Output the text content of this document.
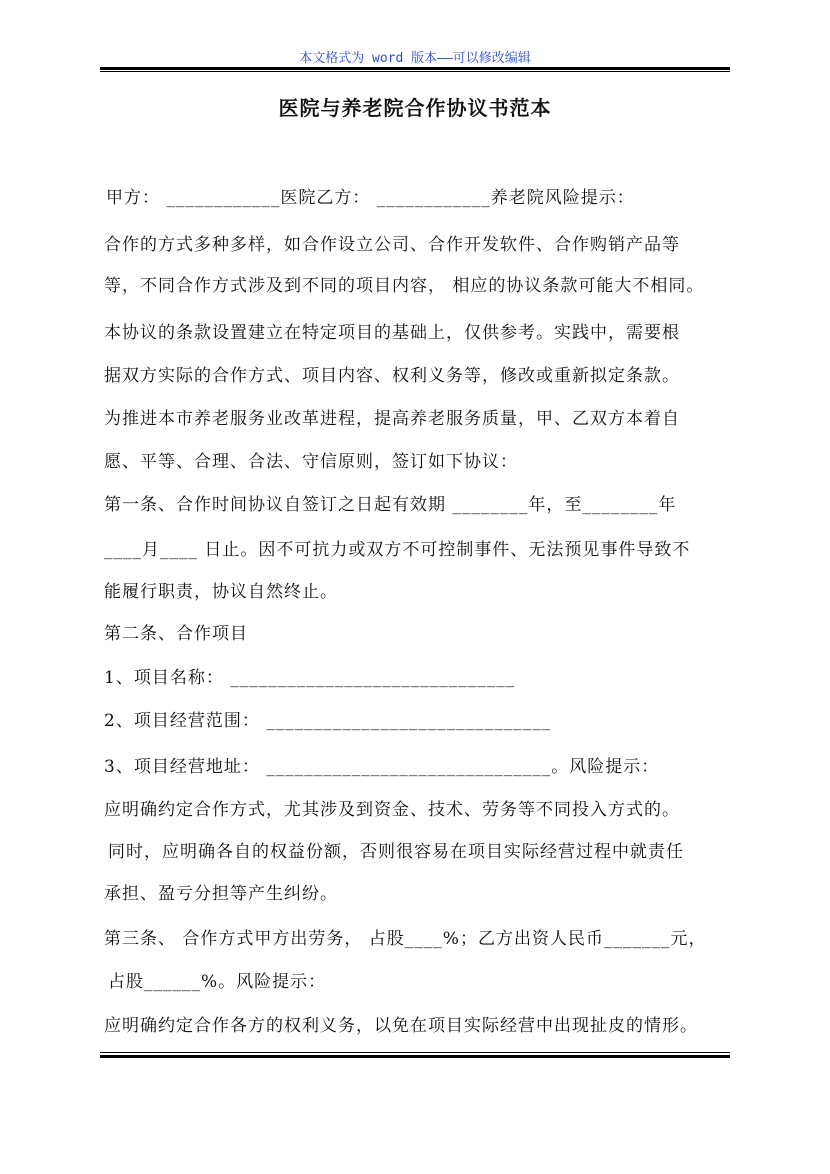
本文格式为 word 版本——可以修改编辑
医院与养老院合作协议书范本
甲方： ____________医院乙方： ____________养老院风险提示：
合作的方式多种多样，如合作设立公司、合作开发软件、合作购销产品等
等，不同合作方式涉及到不同的项目内容， 相应的协议条款可能大不相同。
本协议的条款设置建立在特定项目的基础上，仅供参考。实践中，需要根
据双方实际的合作方式、项目内容、权利义务等，修改或重新拟定条款。
为推进本市养老服务业改革进程，提高养老服务质量，甲、乙双方本着自
愿、平等、合理、合法、守信原则，签订如下协议：
第一条、合作时间协议自签订之日起有效期 ________年，至________年
____月____ 日止。因不可抗力或双方不可控制事件、无法预见事件导致不
能履行职责，协议自然终止。
第二条、合作项目
1、项目名称： ______________________________
2、项目经营范围： ______________________________
3、项目经营地址： ______________________________。风险提示：
应明确约定合作方式，尤其涉及到资金、技术、劳务等不同投入方式的。
同时，应明确各自的权益份额，否则很容易在项目实际经营过程中就责任
承担、盈亏分担等产生纠纷。
第三条、 合作方式甲方出劳务， 占股____%；乙方出资人民币_______元，
占股______%。风险提示：
应明确约定合作各方的权利义务，以免在项目实际经营中出现扯皮的情形。
